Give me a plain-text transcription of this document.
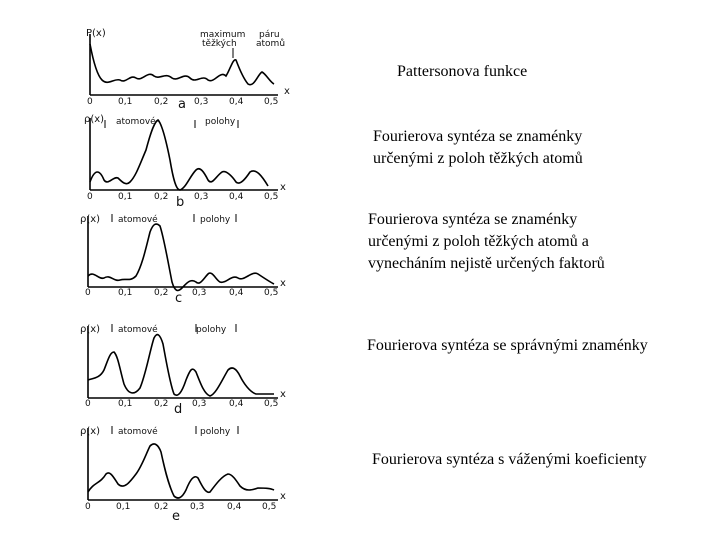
P(x)	maximum
těžkých
páru
atomů
x
0	0,1 0,2	0,3 0,4 0,5
a
ρ(x) atomové	polohy
x
0	0,1 0,2	0,3 0,4 0,5
b
ρ(x) atomové	polohy
x
0	0,1 0,2	0,3	0,4 0,5
c
ρ(x) atomové	polohy
x
0	0,1 0,2	0,3	0,4 0,5
d
ρ(x) atomové	polohy
x
0	0,1	0,2 0,3	0,4 0,5
e
Pattersonova funkce
Fourierova syntéza se znaménky
určenými z poloh těžkých atomů
Fourierova syntéza se znaménky
určenými z poloh těžkých atomů a
vynecháním nejistě určených faktorů
Fourierova syntéza se správnými znaménky
Fourierova syntéza s váženými koeficienty
